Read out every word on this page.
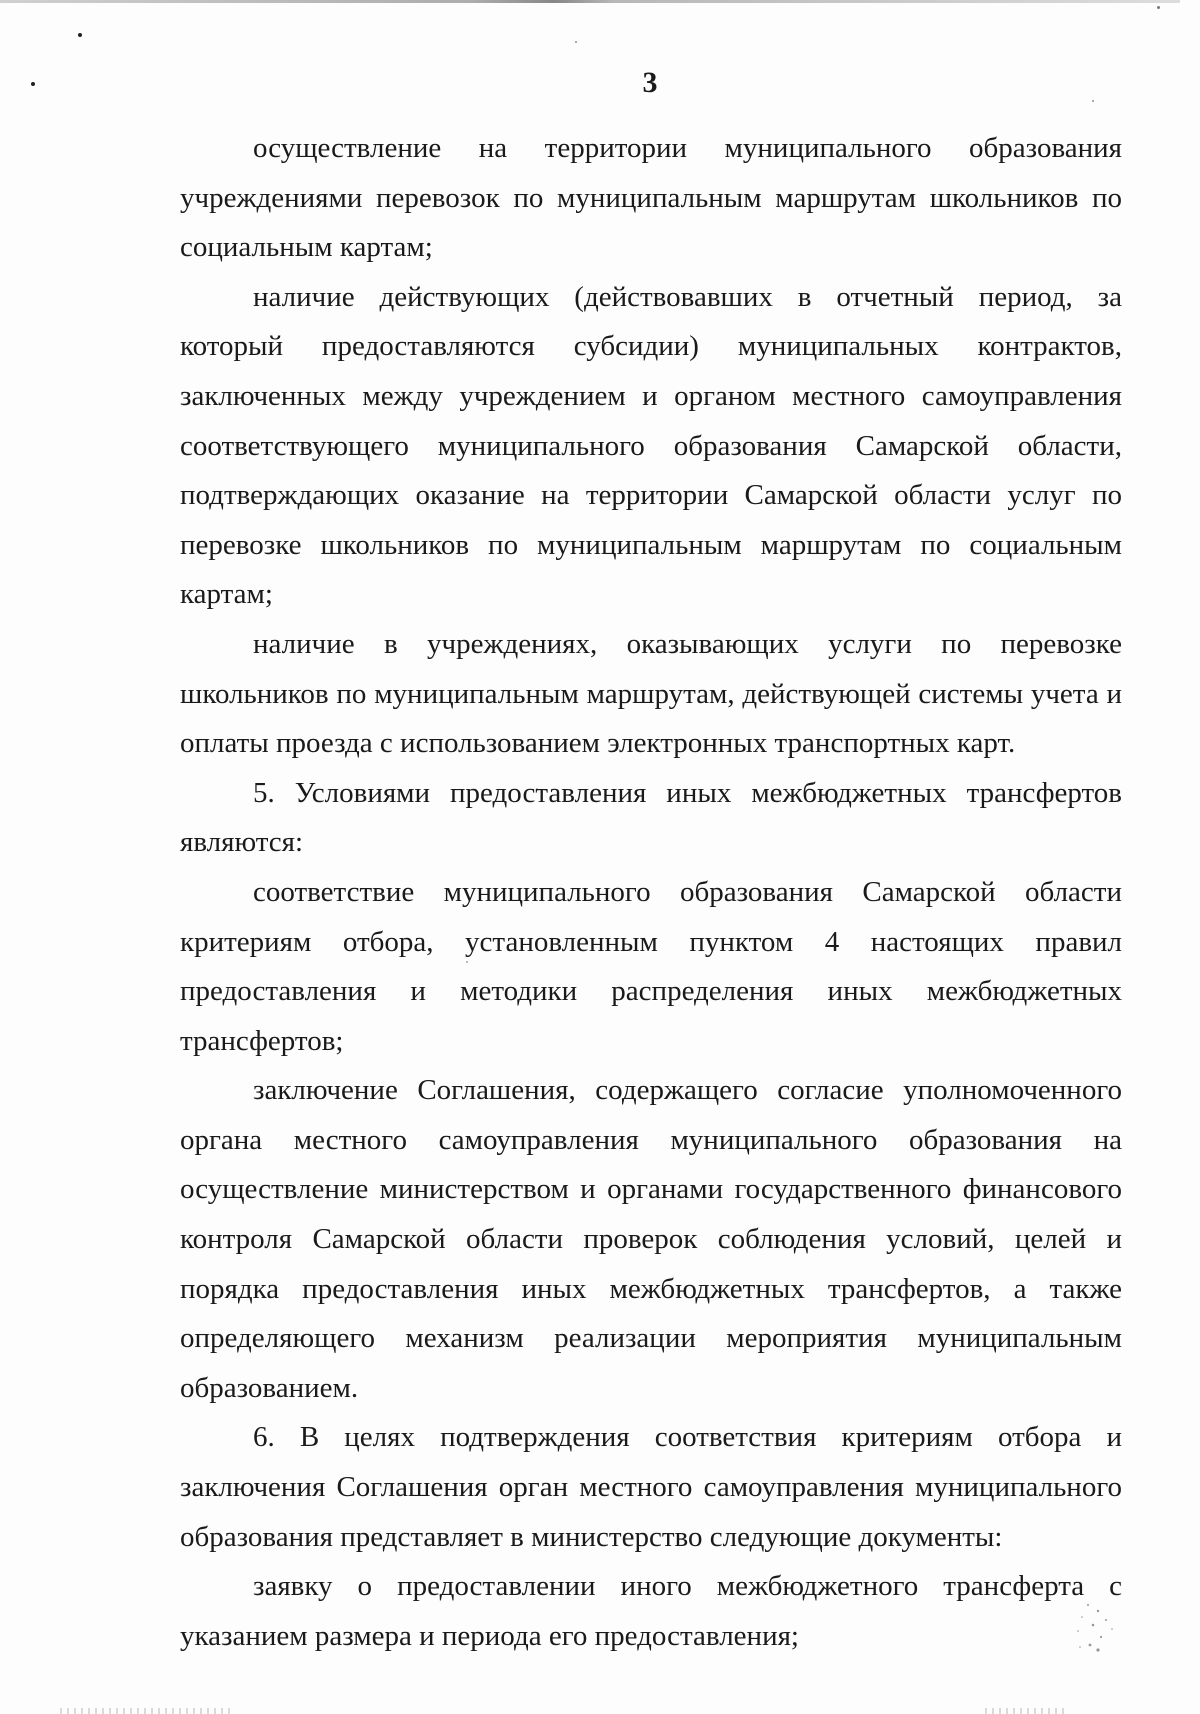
3

осуществление на территории муниципального образования учреждениями перевозок по муниципальным маршрутам школьников по социальным картам;

наличие действующих (действовавших в отчетный период, за который предоставляются субсидии) муниципальных контрактов, заключенных между учреждением и органом местного самоуправления соответствующего муниципального образования Самарской области, подтверждающих оказание на территории Самарской области услуг по перевозке школьников по муниципальным маршрутам по социальным картам;

наличие в учреждениях, оказывающих услуги по перевозке школьников по муниципальным маршрутам, действующей системы учета и оплаты проезда с использованием электронных транспортных карт.

5. Условиями предоставления иных межбюджетных трансфертов являются:

соответствие муниципального образования Самарской области критериям отбора, установленным пунктом 4 настоящих правил предоставления и методики распределения иных межбюджетных трансфертов;

заключение Соглашения, содержащего согласие уполномоченного органа местного самоуправления муниципального образования на осуществление министерством и органами государственного финансового контроля Самарской области проверок соблюдения условий, целей и порядка предоставления иных межбюджетных трансфертов, а также определяющего механизм реализации мероприятия муниципальным образованием.

6. В целях подтверждения соответствия критериям отбора и заключения Соглашения орган местного самоуправления муниципального образования представляет в министерство следующие документы:

заявку о предоставлении иного межбюджетного трансферта с указанием размера и периода его предоставления;
